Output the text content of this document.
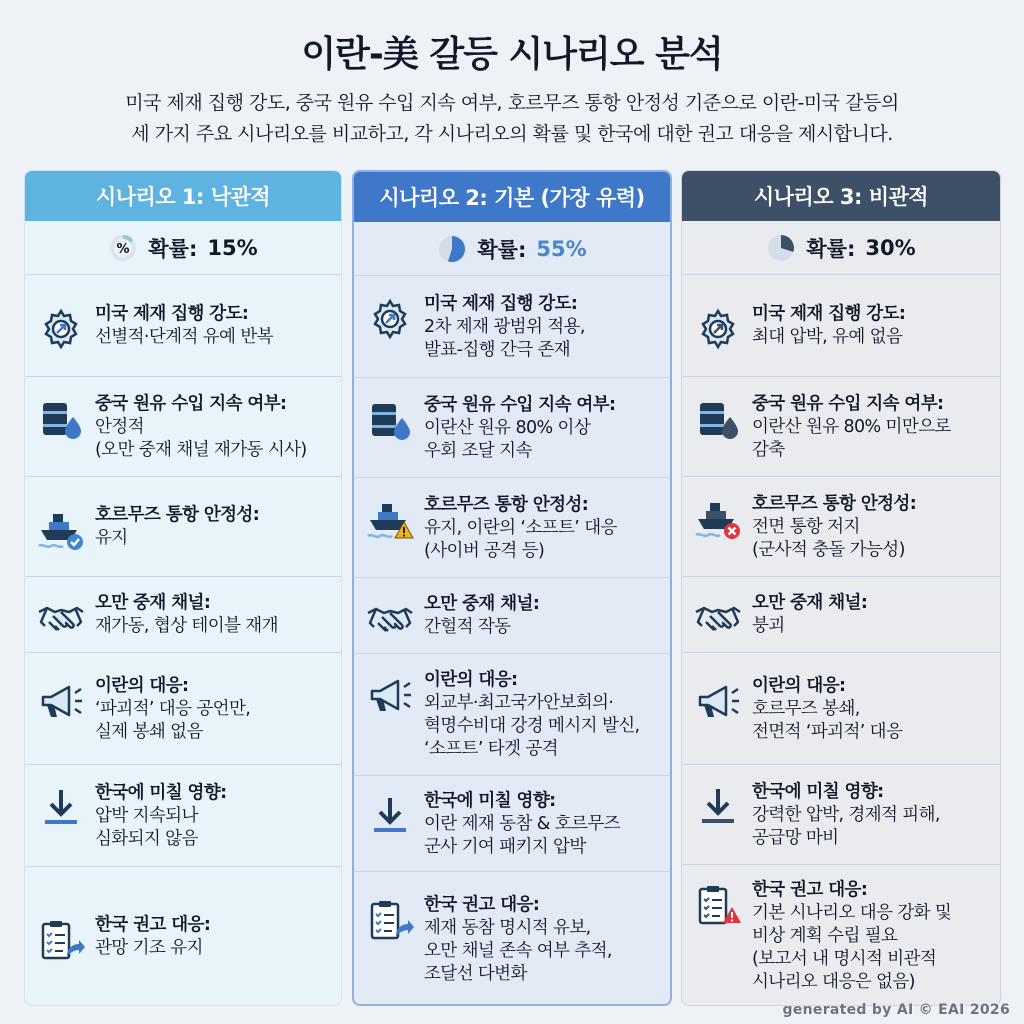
이란-美 갈등 시나리오 분석
미국 제재 집행 강도, 중국 원유 수입 지속 여부, 호르무즈 통항 안정성 기준으로 이란-미국 갈등의
세 가지 주요 시나리오를 비교하고, 각 시나리오의 확률 및 한국에 대한 권고 대응을 제시합니다.
시나리오 1: 낙관적
% 확률: 15%
미국 제재 집행 강도:
선별적·단계적 유예 반복
중국 원유 수입 지속 여부:
안정적
(오만 중재 채널 재가동 시사)
호르무즈 통항 안정성:
유지
오만 중재 채널:
재가동, 협상 테이블 재개
이란의 대응:
‘파괴적’ 대응 공언만,
실제 봉쇄 없음
한국에 미칠 영향:
압박 지속되나
심화되지 않음
한국 권고 대응:
관망 기조 유지
시나리오 2: 기본 (가장 유력)
확률: 55%
미국 제재 집행 강도:
2차 제재 광범위 적용,
발표-집행 간극 존재
중국 원유 수입 지속 여부:
이란산 원유 80% 이상
우회 조달 지속
호르무즈 통항 안정성:
유지, 이란의 ‘소프트’ 대응
(사이버 공격 등)
오만 중재 채널:
간헐적 작동
이란의 대응:
외교부·최고국가안보회의·
혁명수비대 강경 메시지 발신,
‘소프트’ 타겟 공격
한국에 미칠 영향:
이란 제재 동참 & 호르무즈
군사 기여 패키지 압박
한국 권고 대응:
제재 동참 명시적 유보,
오만 채널 존속 여부 추적,
조달선 다변화
시나리오 3: 비관적
확률: 30%
미국 제재 집행 강도:
최대 압박, 유예 없음
중국 원유 수입 지속 여부:
이란산 원유 80% 미만으로
감축
호르무즈 통항 안정성:
전면 통항 저지
(군사적 충돌 가능성)
오만 중재 채널:
붕괴
이란의 대응:
호르무즈 봉쇄,
전면적 ‘파괴적’ 대응
한국에 미칠 영향:
강력한 압박, 경제적 피해,
공급망 마비
한국 권고 대응:
기본 시나리오 대응 강화 및
비상 계획 수립 필요
(보고서 내 명시적 비관적
시나리오 대응은 없음)
generated by AI © EAI 2026
